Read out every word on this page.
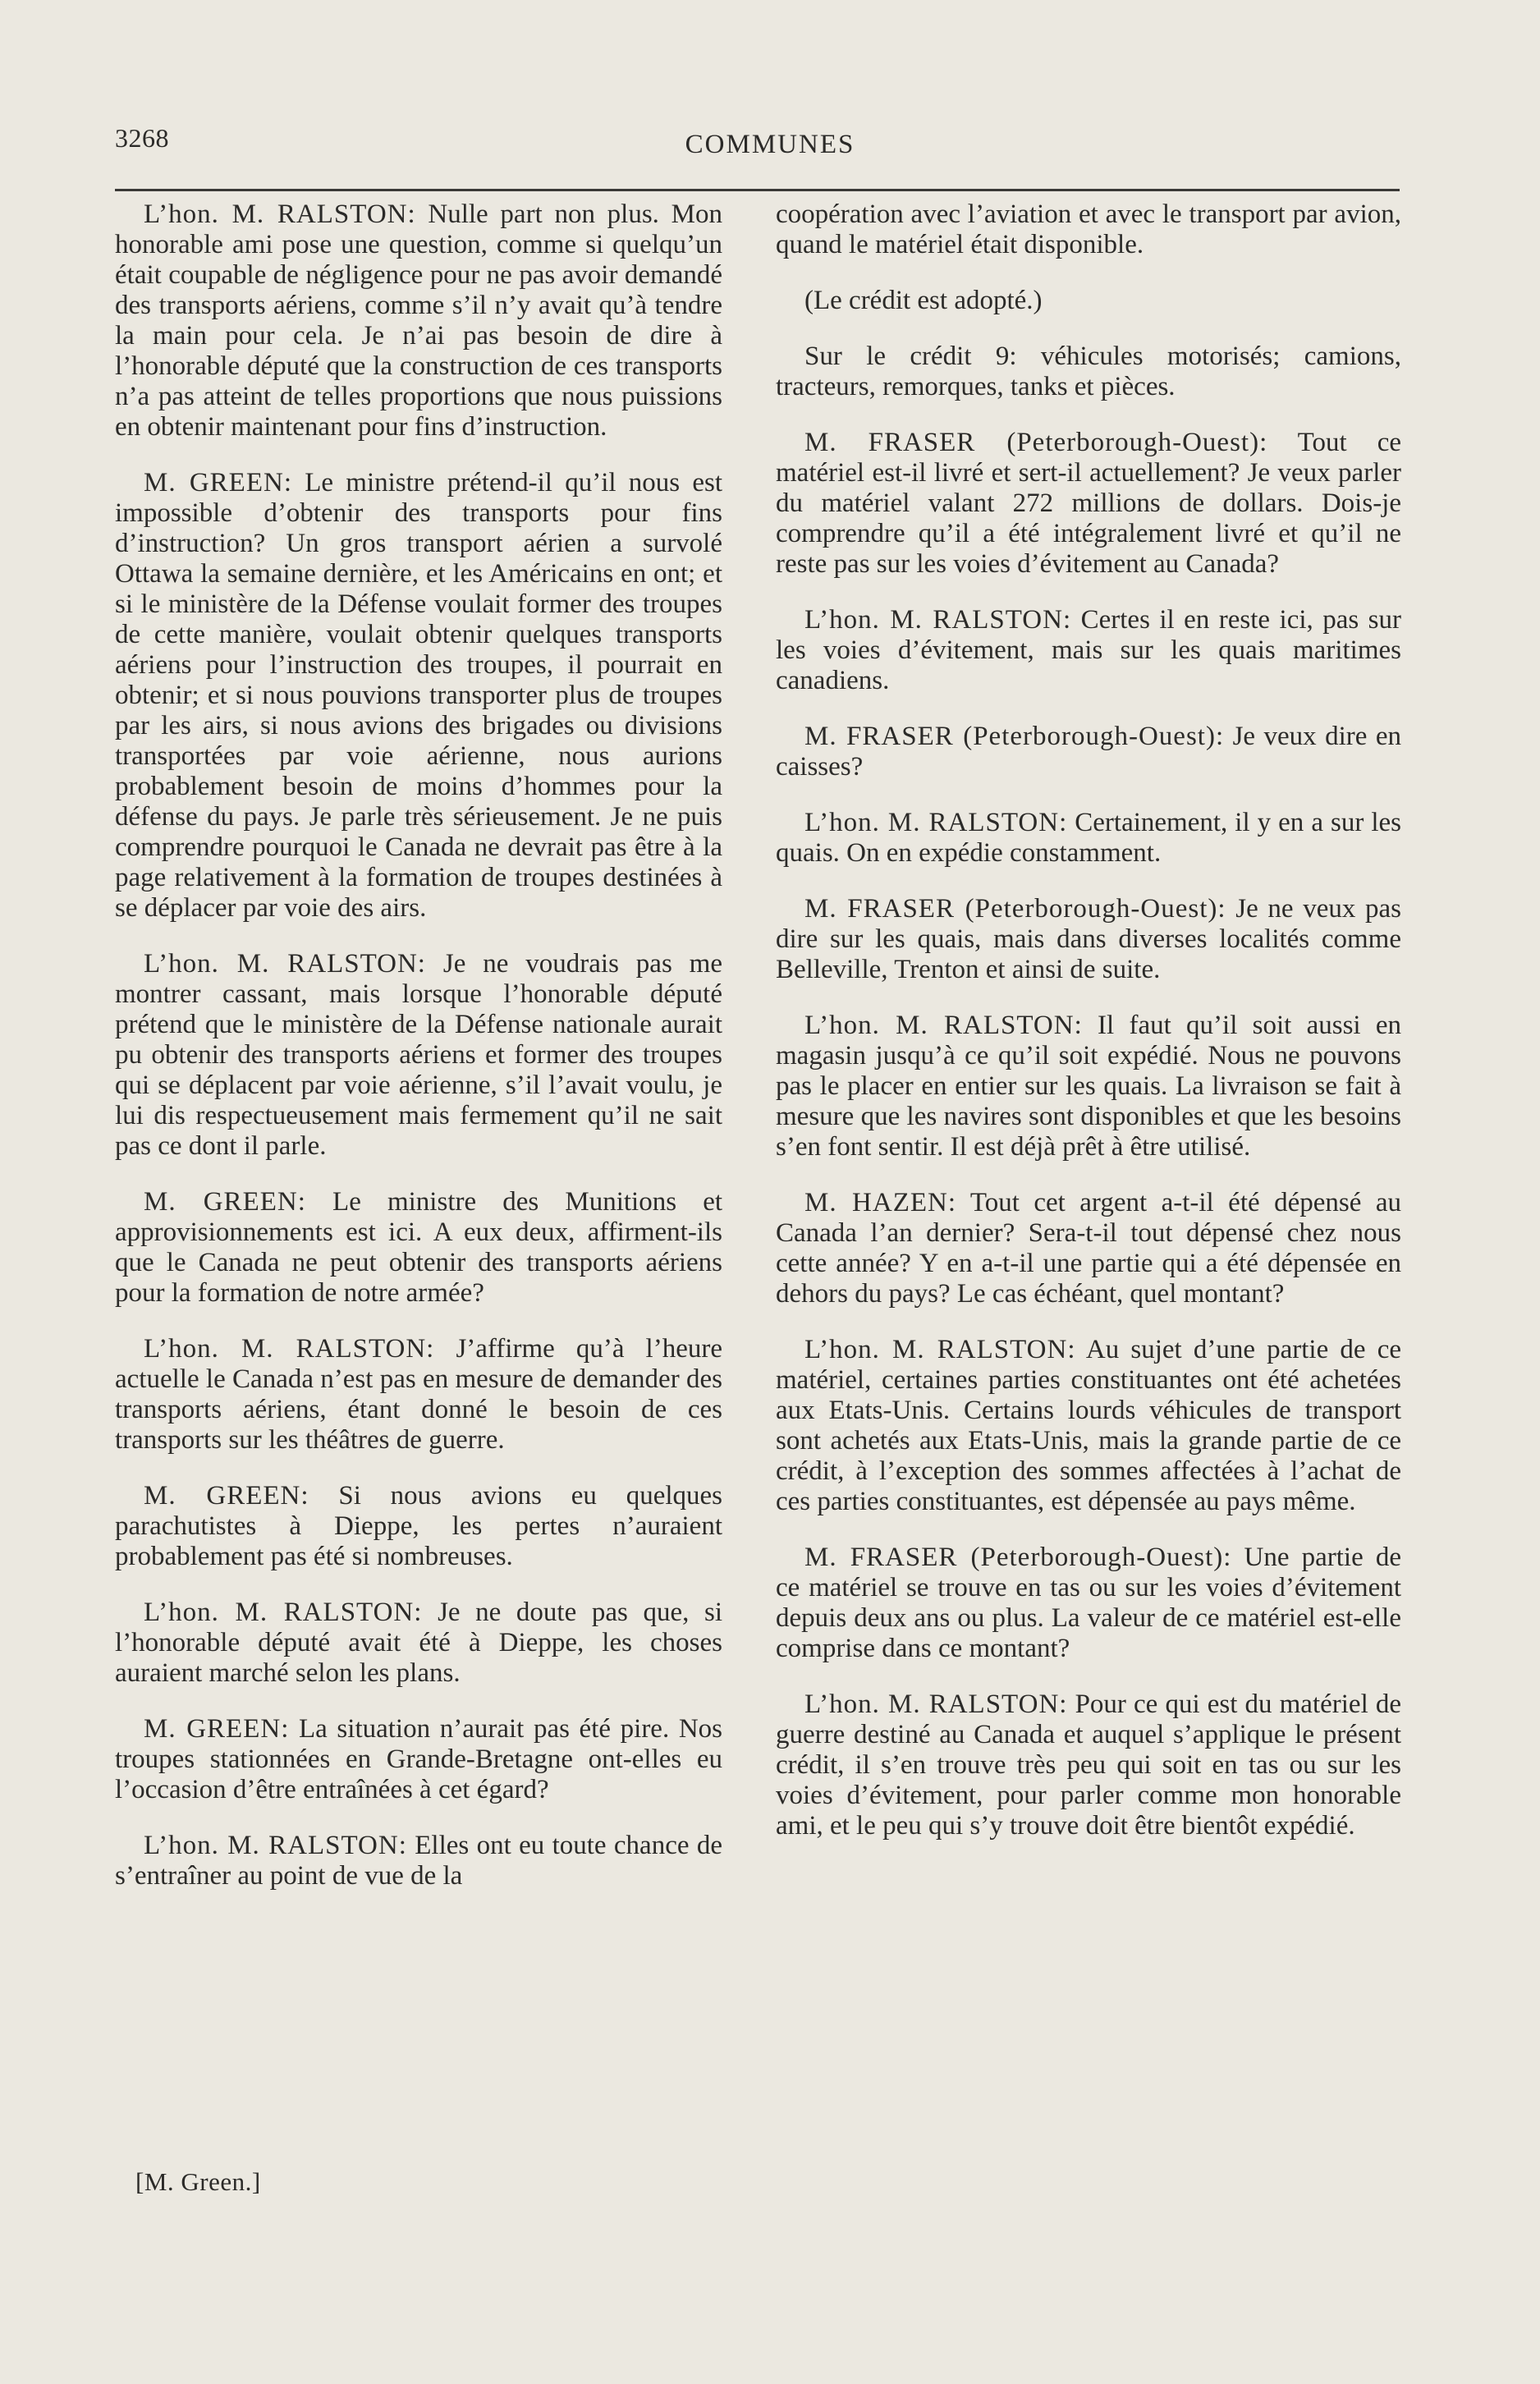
3268	COMMUNES

L’hon. M. RALSTON: Nulle part non plus. Mon honorable ami pose une question, comme si quelqu’un était coupable de négligence pour ne pas avoir demandé des transports aériens, comme s’il n’y avait qu’à tendre la main pour cela. Je n’ai pas besoin de dire à l’honorable député que la construction de ces transports n’a pas atteint de telles proportions que nous puissions en obtenir maintenant pour fins d’instruction.

M. GREEN: Le ministre prétend-il qu’il nous est impossible d’obtenir des transports pour fins d’instruction? Un gros transport aérien a survolé Ottawa la semaine dernière, et les Américains en ont; et si le ministère de la Défense voulait former des troupes de cette manière, voulait obtenir quelques transports aériens pour l’instruction des troupes, il pourrait en obtenir; et si nous pouvions transporter plus de troupes par les airs, si nous avions des brigades ou divisions transportées par voie aérienne, nous aurions probablement besoin de moins d’hommes pour la défense du pays. Je parle très sérieusement. Je ne puis comprendre pourquoi le Canada ne devrait pas être à la page relativement à la formation de troupes destinées à se déplacer par voie des airs.

L’hon. M. RALSTON: Je ne voudrais pas me montrer cassant, mais lorsque l’honorable député prétend que le ministère de la Défense nationale aurait pu obtenir des transports aériens et former des troupes qui se déplacent par voie aérienne, s’il l’avait voulu, je lui dis respectueusement mais fermement qu’il ne sait pas ce dont il parle.

M. GREEN: Le ministre des Munitions et approvisionnements est ici. A eux deux, affirment-ils que le Canada ne peut obtenir des transports aériens pour la formation de notre armée?

L’hon. M. RALSTON: J’affirme qu’à l’heure actuelle le Canada n’est pas en mesure de demander des transports aériens, étant donné le besoin de ces transports sur les théâtres de guerre.

M. GREEN: Si nous avions eu quelques parachutistes à Dieppe, les pertes n’auraient probablement pas été si nombreuses.

L’hon. M. RALSTON: Je ne doute pas que, si l’honorable député avait été à Dieppe, les choses auraient marché selon les plans.

M. GREEN: La situation n’aurait pas été pire. Nos troupes stationnées en Grande-Bretagne ont-elles eu l’occasion d’être entraînées à cet égard?

L’hon. M. RALSTON: Elles ont eu toute chance de s’entraîner au point de vue de la

coopération avec l’aviation et avec le transport par avion, quand le matériel était disponible.

(Le crédit est adopté.)

Sur le crédit 9: véhicules motorisés; camions, tracteurs, remorques, tanks et pièces.

M. FRASER (Peterborough-Ouest): Tout ce matériel est-il livré et sert-il actuellement? Je veux parler du matériel valant 272 millions de dollars. Dois-je comprendre qu’il a été intégralement livré et qu’il ne reste pas sur les voies d’évitement au Canada?

L’hon. M. RALSTON: Certes il en reste ici, pas sur les voies d’évitement, mais sur les quais maritimes canadiens.

M. FRASER (Peterborough-Ouest): Je veux dire en caisses?

L’hon. M. RALSTON: Certainement, il y en a sur les quais. On en expédie constamment.

M. FRASER (Peterborough-Ouest): Je ne veux pas dire sur les quais, mais dans diverses localités comme Belleville, Trenton et ainsi de suite.

L’hon. M. RALSTON: Il faut qu’il soit aussi en magasin jusqu’à ce qu’il soit expédié. Nous ne pouvons pas le placer en entier sur les quais. La livraison se fait à mesure que les navires sont disponibles et que les besoins s’en font sentir. Il est déjà prêt à être utilisé.

M. HAZEN: Tout cet argent a-t-il été dépensé au Canada l’an dernier? Sera-t-il tout dépensé chez nous cette année? Y en a-t-il une partie qui a été dépensée en dehors du pays? Le cas échéant, quel montant?

L’hon. M. RALSTON: Au sujet d’une partie de ce matériel, certaines parties constituantes ont été achetées aux Etats-Unis. Certains lourds véhicules de transport sont achetés aux Etats-Unis, mais la grande partie de ce crédit, à l’exception des sommes affectées à l’achat de ces parties constituantes, est dépensée au pays même.

M. FRASER (Peterborough-Ouest): Une partie de ce matériel se trouve en tas ou sur les voies d’évitement depuis deux ans ou plus. La valeur de ce matériel est-elle comprise dans ce montant?

L’hon. M. RALSTON: Pour ce qui est du matériel de guerre destiné au Canada et auquel s’applique le présent crédit, il s’en trouve très peu qui soit en tas ou sur les voies d’évitement, pour parler comme mon honorable ami, et le peu qui s’y trouve doit être bientôt expédié.

[M. Green.]
